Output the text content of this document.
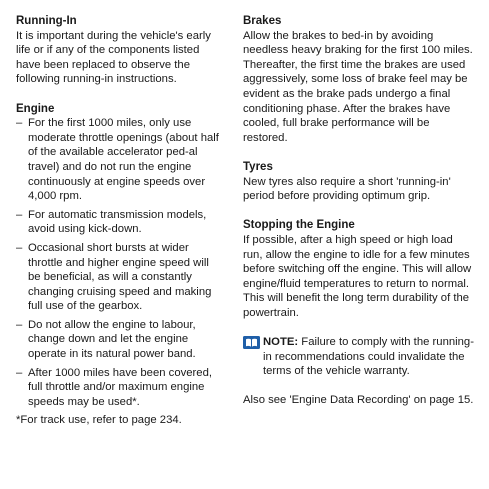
Running-In

It is important during the vehicle's early life or if any of the components listed have been replaced to observe the following running-in instructions.

Engine
– For the first 1000 miles, only use moderate throttle openings (about half of the available accelerator ped-al travel) and do not run the engine continuously at engine speeds over 4,000 rpm.
– For automatic transmission models, avoid using kick-down.
– Occasional short bursts at wider throttle and higher engine speed will be beneficial, as will a constantly changing cruising speed and making full use of the gearbox.
– Do not allow the engine to labour, change down and let the engine operate in its natural power band.
– After 1000 miles have been covered, full throttle and/or maximum engine speeds may be used*.

*For track use, refer to page 234.

Brakes

Allow the brakes to bed-in by avoiding needless heavy braking for the first 100 miles. Thereafter, the first time the brakes are used aggressively, some loss of brake feel may be evident as the brake pads undergo a final conditioning phase. After the brakes have cooled, full brake performance will be restored.

Tyres

New tyres also require a short 'running-in' period before providing optimum grip.

Stopping the Engine

If possible, after a high speed or high load run, allow the engine to idle for a few minutes before switching off the engine. This will allow engine/fluid temperatures to return to normal. This will benefit the long term durability of the powertrain.

NOTE: Failure to comply with the running-in recommendations could invalidate the terms of the vehicle warranty.

Also see 'Engine Data Recording' on page 15.
